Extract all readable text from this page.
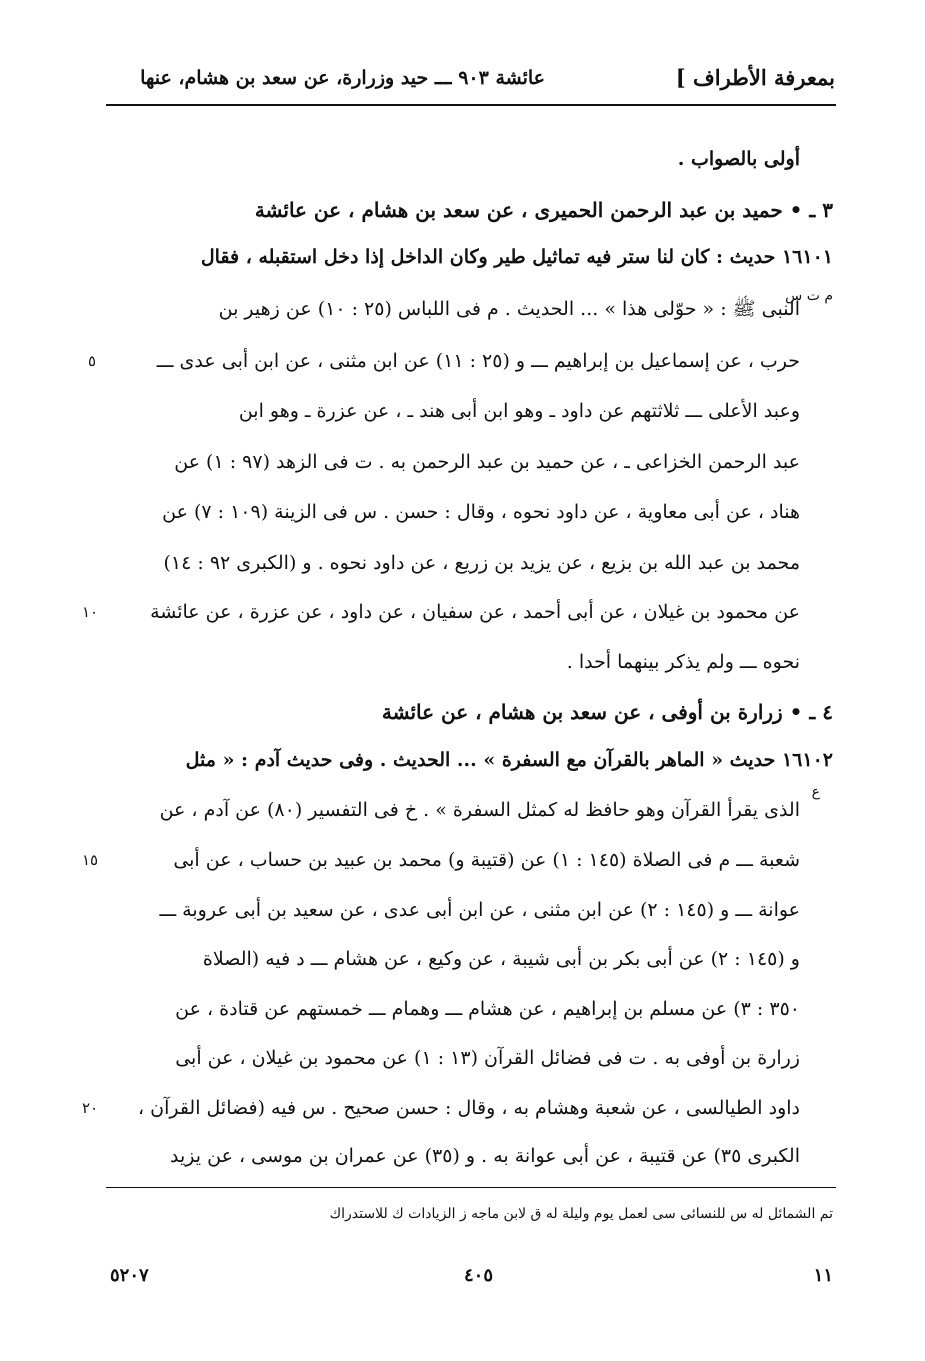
بمعرفة الأطراف ]
عائشة ٩٠٣ ـــ حيد وزرارة، عن سعد بن هشام، عنها
أولى بالصواب .
٣ ـ • حميد بن عبد الرحمن الحميرى ، عن سعد بن هشام ، عن عائشة
١٦١٠١ حديث : كان لنا ستر فيه تماثيل طير وكان الداخل إذا دخل استقبله ، فقال
النبى ﷺ : « حوّلى هذا » ... الحديث . م فى اللباس (٢٥ : ١٠) عن زهير بن
حرب ، عن إسماعيل بن إبراهيم ـــ و (٢٥ : ١١) عن ابن مثنى ، عن ابن أبى عدى ـــ
وعبد الأعلى ـــ ثلاثتهم عن داود ـ وهو ابن أبى هند ـ ، عن عزرة ـ وهو ابن
عبد الرحمن الخزاعى ـ ، عن حميد بن عبد الرحمن به . ت فى الزهد (٩٧ : ١) عن
هناد ، عن أبى معاوية ، عن داود نحوه ، وقال : حسن . س فى الزينة (١٠٩ : ٧) عن
محمد بن عبد الله بن بزيع ، عن يزيد بن زريع ، عن داود نحوه . و (الكبرى ٩٢ : ١٤)
عن محمود بن غيلان ، عن أبى أحمد ، عن سفيان ، عن داود ، عن عزرة ، عن عائشة
نحوه ـــ ولم يذكر بينهما أحدا .
٤ ـ • زرارة بن أوفى ، عن سعد بن هشام ، عن عائشة
١٦١٠٢ حديث « الماهر بالقرآن مع السفرة » ... الحديث . وفى حديث آدم : « مثل
الذى يقرأ القرآن وهو حافظ له كمثل السفرة » . خ فى التفسير (٨٠) عن آدم ، عن
شعبة ـــ م فى الصلاة (١٤٥ : ١) عن (قتيبة و) محمد بن عبيد بن حساب ، عن أبى
عوانة ـــ و (١٤٥ : ٢) عن ابن مثنى ، عن ابن أبى عدى ، عن سعيد بن أبى عروبة ـــ
و (١٤٥ : ٢) عن أبى بكر بن أبى شيبة ، عن وكيع ، عن هشام ـــ د فيه (الصلاة
٣٥٠ : ٣) عن مسلم بن إبراهيم ، عن هشام ـــ وهمام ـــ خمستهم عن قتادة ، عن
زرارة بن أوفى به . ت فى فضائل القرآن (١٣ : ١) عن محمود بن غيلان ، عن أبى
داود الطيالسى ، عن شعبة وهشام به ، وقال : حسن صحيح . س فيه (فضائل القرآن ،
الكبرى ٣٥) عن قتيبة ، عن أبى عوانة به . و (٣٥) عن عمران بن موسى ، عن يزيد
م ت س
ع
٥
١٠
١٥
٢٠
تم الشمائل له س للنسائى سى لعمل يوم وليلة له ق لابن ماجه ز الزيادات ك للاستدراك
١١
٤٠٥
٥٢٠٧
